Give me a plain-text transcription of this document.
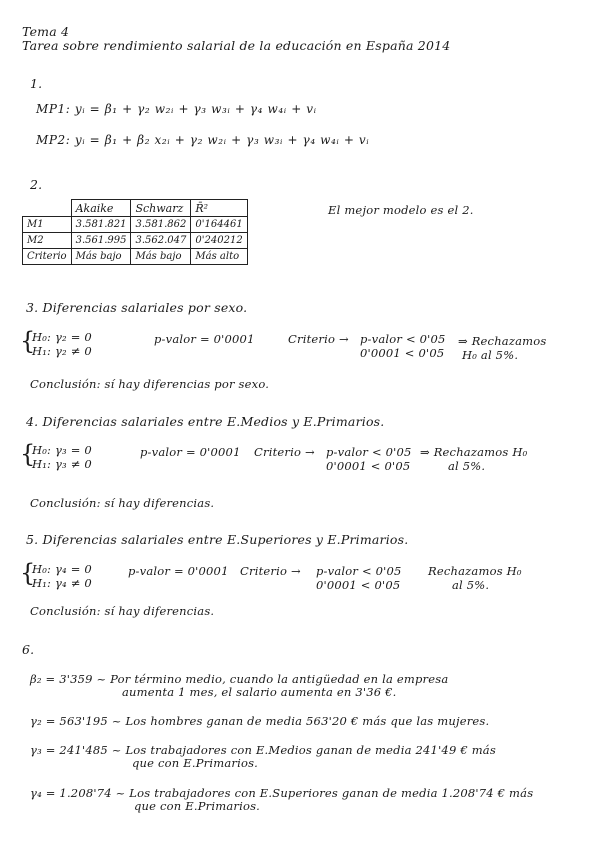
Tema 4
Tarea sobre rendimiento salarial de la educación en España 2014
1.
MP1: yᵢ = β₁ + γ₂ w₂ᵢ + γ₃ w₃ᵢ + γ₄ w₄ᵢ + vᵢ
MP2: yᵢ = β₁ + β₂ x₂ᵢ + γ₂ w₂ᵢ + γ₃ w₃ᵢ + γ₄ w₄ᵢ + vᵢ
2.
	Akaike	Schwarz	R̄²
M1	3.581.821	3.581.862	0'164461
M2	3.561.995	3.562.047	0'240212
Criterio	Más bajo	Más bajo	Más alto
El mejor modelo es el 2.
3. Diferencias salariales por sexo.
{
H₀: γ₂ = 0
H₁: γ₂ ≠ 0
p-valor = 0'0001	Criterio → p-valor < 0'05
0'0001 < 0'05
⇒ Rechazamos
H₀ al 5%.
Conclusión: sí hay diferencias por sexo.
4. Diferencias salariales entre E.Medios y E.Primarios.
{
H₀: γ₃ = 0
H₁: γ₃ ≠ 0
p-valor = 0'0001 Criterio → p-valor < 0'05
0'0001 < 0'05
⇒ Rechazamos H₀
al 5%.
Conclusión: sí hay diferencias.
5. Diferencias salariales entre E.Superiores y E.Primarios.
{
H₀: γ₄ = 0
H₁: γ₄ ≠ 0
p-valor = 0'0001 Criterio → p-valor < 0'05
0'0001 < 0'05
Rechazamos H₀
al 5%.
Conclusión: sí hay diferencias.
6.
β₂ = 3'359 ~ Por término medio, cuando la antigüedad en la empresa
aumenta 1 mes, el salario aumenta en 3'36 €.
γ₂ = 563'195 ~ Los hombres ganan de media 563'20 € más que las mujeres.
γ₃ = 241'485 ~ Los trabajadores con E.Medios ganan de media 241'49 € más
que con E.Primarios.
γ₄ = 1.208'74 ~ Los trabajadores con E.Superiores ganan de media 1.208'74 € más
que con E.Primarios.
